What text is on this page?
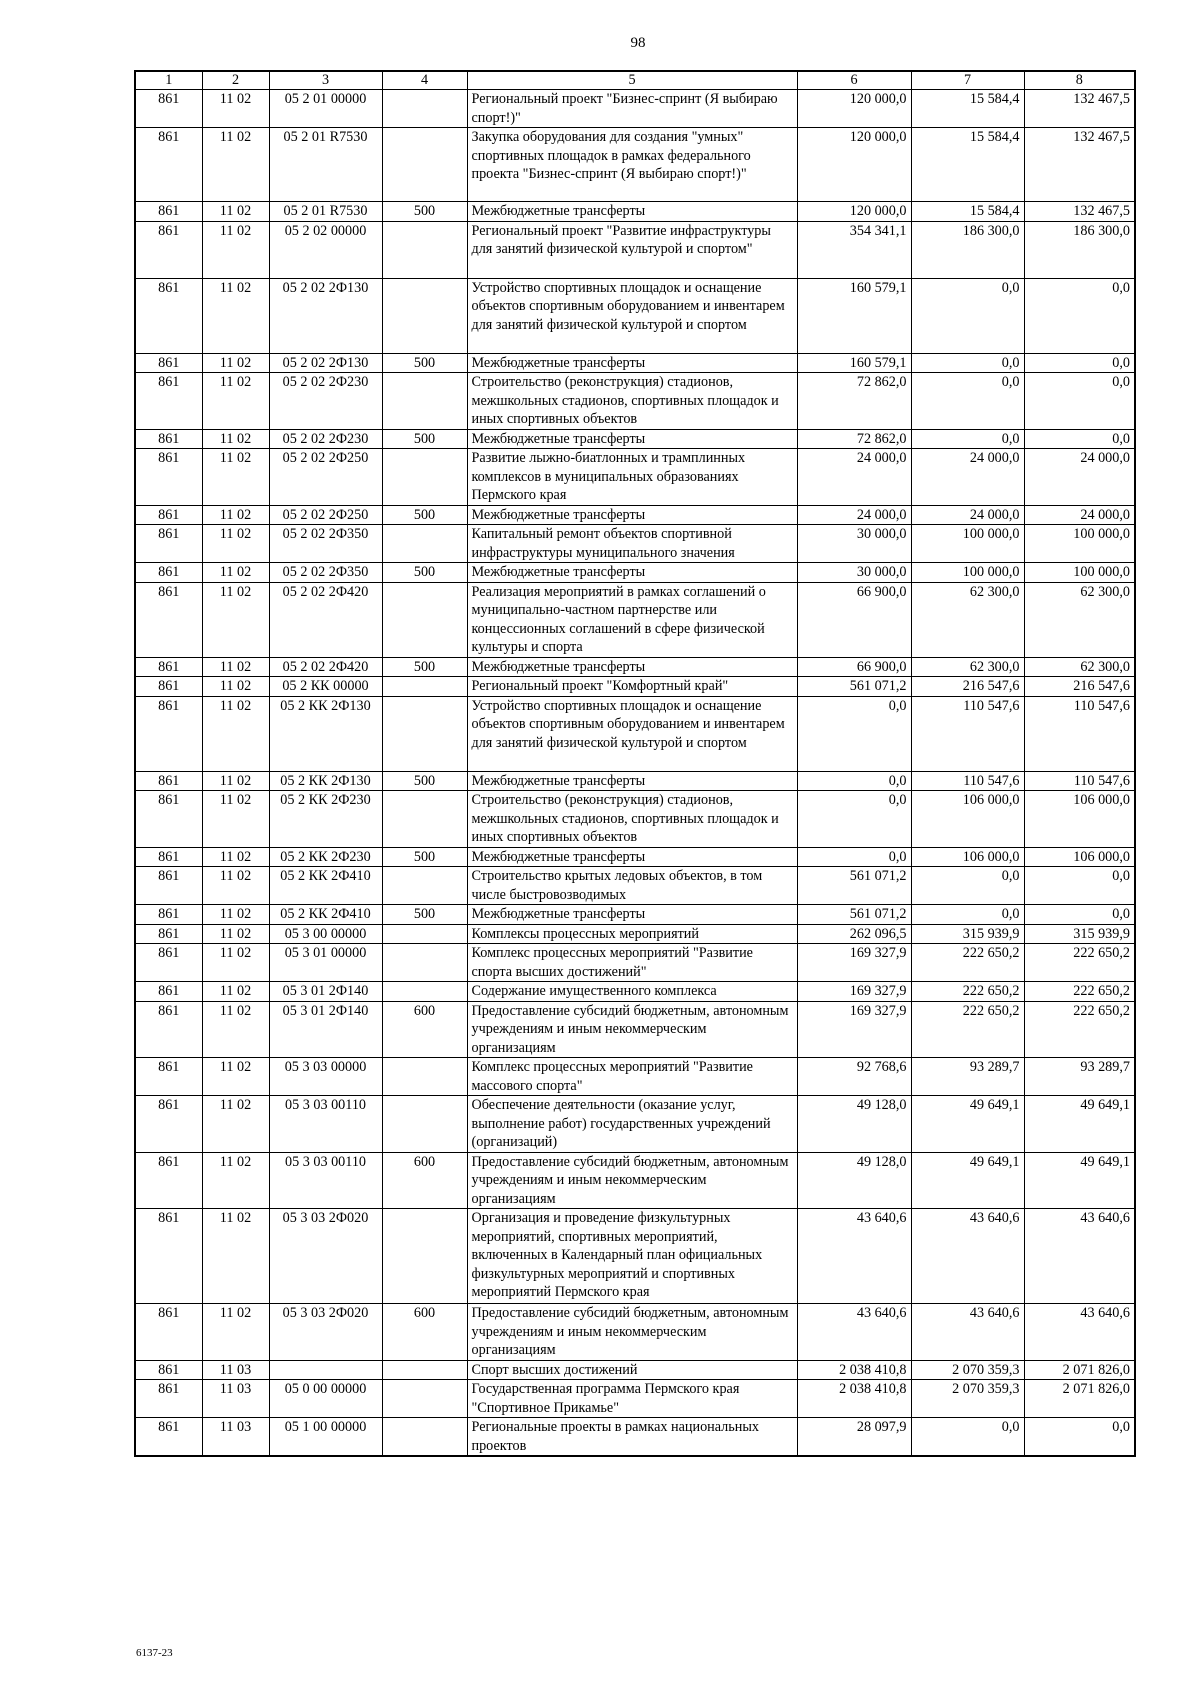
98
1	2	3	4	5	6	7	8
861	11 02	05 2 01 00000		Региональный проект "Бизнес-спринт (Я выбираю спорт!)"	120 000,0	15 584,4	132 467,5
861	11 02	05 2 01 R7530		Закупка оборудования для создания "умных" спортивных площадок в рамках федерального проекта "Бизнес-спринт (Я выбираю спорт!)"	120 000,0	15 584,4	132 467,5
861	11 02	05 2 01 R7530	500	Межбюджетные трансферты	120 000,0	15 584,4	132 467,5
861	11 02	05 2 02 00000		Региональный проект "Развитие инфраструктуры для занятий физической культурой и спортом"	354 341,1	186 300,0	186 300,0
861	11 02	05 2 02 2Ф130		Устройство спортивных площадок и оснащение объектов спортивным оборудованием и инвентарем для занятий физической культурой и спортом	160 579,1	0,0	0,0
861	11 02	05 2 02 2Ф130	500	Межбюджетные трансферты	160 579,1	0,0	0,0
861	11 02	05 2 02 2Ф230		Строительство (реконструкция) стадионов, межшкольных стадионов, спортивных площадок и иных спортивных объектов	72 862,0	0,0	0,0
861	11 02	05 2 02 2Ф230	500	Межбюджетные трансферты	72 862,0	0,0	0,0
861	11 02	05 2 02 2Ф250		Развитие лыжно-биатлонных и трамплинных комплексов в муниципальных образованиях Пермского края	24 000,0	24 000,0	24 000,0
861	11 02	05 2 02 2Ф250	500	Межбюджетные трансферты	24 000,0	24 000,0	24 000,0
861	11 02	05 2 02 2Ф350		Капитальный ремонт объектов спортивной инфраструктуры муниципального значения	30 000,0	100 000,0	100 000,0
861	11 02	05 2 02 2Ф350	500	Межбюджетные трансферты	30 000,0	100 000,0	100 000,0
861	11 02	05 2 02 2Ф420		Реализация мероприятий в рамках соглашений о муниципально-частном партнерстве или концессионных соглашений в сфере физической культуры и спорта	66 900,0	62 300,0	62 300,0
861	11 02	05 2 02 2Ф420	500	Межбюджетные трансферты	66 900,0	62 300,0	62 300,0
861	11 02	05 2 КК 00000		Региональный проект "Комфортный край"	561 071,2	216 547,6	216 547,6
861	11 02	05 2 КК 2Ф130		Устройство спортивных площадок и оснащение объектов спортивным оборудованием и инвентарем для занятий физической культурой и спортом	0,0	110 547,6	110 547,6
861	11 02	05 2 КК 2Ф130	500	Межбюджетные трансферты	0,0	110 547,6	110 547,6
861	11 02	05 2 КК 2Ф230		Строительство (реконструкция) стадионов, межшкольных стадионов, спортивных площадок и иных спортивных объектов	0,0	106 000,0	106 000,0
861	11 02	05 2 КК 2Ф230	500	Межбюджетные трансферты	0,0	106 000,0	106 000,0
861	11 02	05 2 КК 2Ф410		Строительство крытых ледовых объектов, в том числе быстровозводимых	561 071,2	0,0	0,0
861	11 02	05 2 КК 2Ф410	500	Межбюджетные трансферты	561 071,2	0,0	0,0
861	11 02	05 3 00 00000		Комплексы процессных мероприятий	262 096,5	315 939,9	315 939,9
861	11 02	05 3 01 00000		Комплекс процессных мероприятий "Развитие спорта высших достижений"	169 327,9	222 650,2	222 650,2
861	11 02	05 3 01 2Ф140		Содержание имущественного комплекса	169 327,9	222 650,2	222 650,2
861	11 02	05 3 01 2Ф140	600	Предоставление субсидий бюджетным, автономным учреждениям и иным некоммерческим организациям	169 327,9	222 650,2	222 650,2
861	11 02	05 3 03 00000		Комплекс процессных мероприятий "Развитие массового спорта"	92 768,6	93 289,7	93 289,7
861	11 02	05 3 03 00110		Обеспечение деятельности (оказание услуг, выполнение работ) государственных учреждений (организаций)	49 128,0	49 649,1	49 649,1
861	11 02	05 3 03 00110	600	Предоставление субсидий бюджетным, автономным учреждениям и иным некоммерческим организациям	49 128,0	49 649,1	49 649,1
861	11 02	05 3 03 2Ф020		Организация и проведение физкультурных мероприятий, спортивных мероприятий, включенных в Календарный план официальных физкультурных мероприятий и спортивных мероприятий Пермского края	43 640,6	43 640,6	43 640,6
861	11 02	05 3 03 2Ф020	600	Предоставление субсидий бюджетным, автономным учреждениям и иным некоммерческим организациям	43 640,6	43 640,6	43 640,6
861	11 03			Спорт высших достижений	2 038 410,8	2 070 359,3	2 071 826,0
861	11 03	05 0 00 00000		Государственная программа Пермского края "Спортивное Прикамье"	2 038 410,8	2 070 359,3	2 071 826,0
861	11 03	05 1 00 00000		Региональные проекты в рамках национальных проектов	28 097,9	0,0	0,0
6137-23
